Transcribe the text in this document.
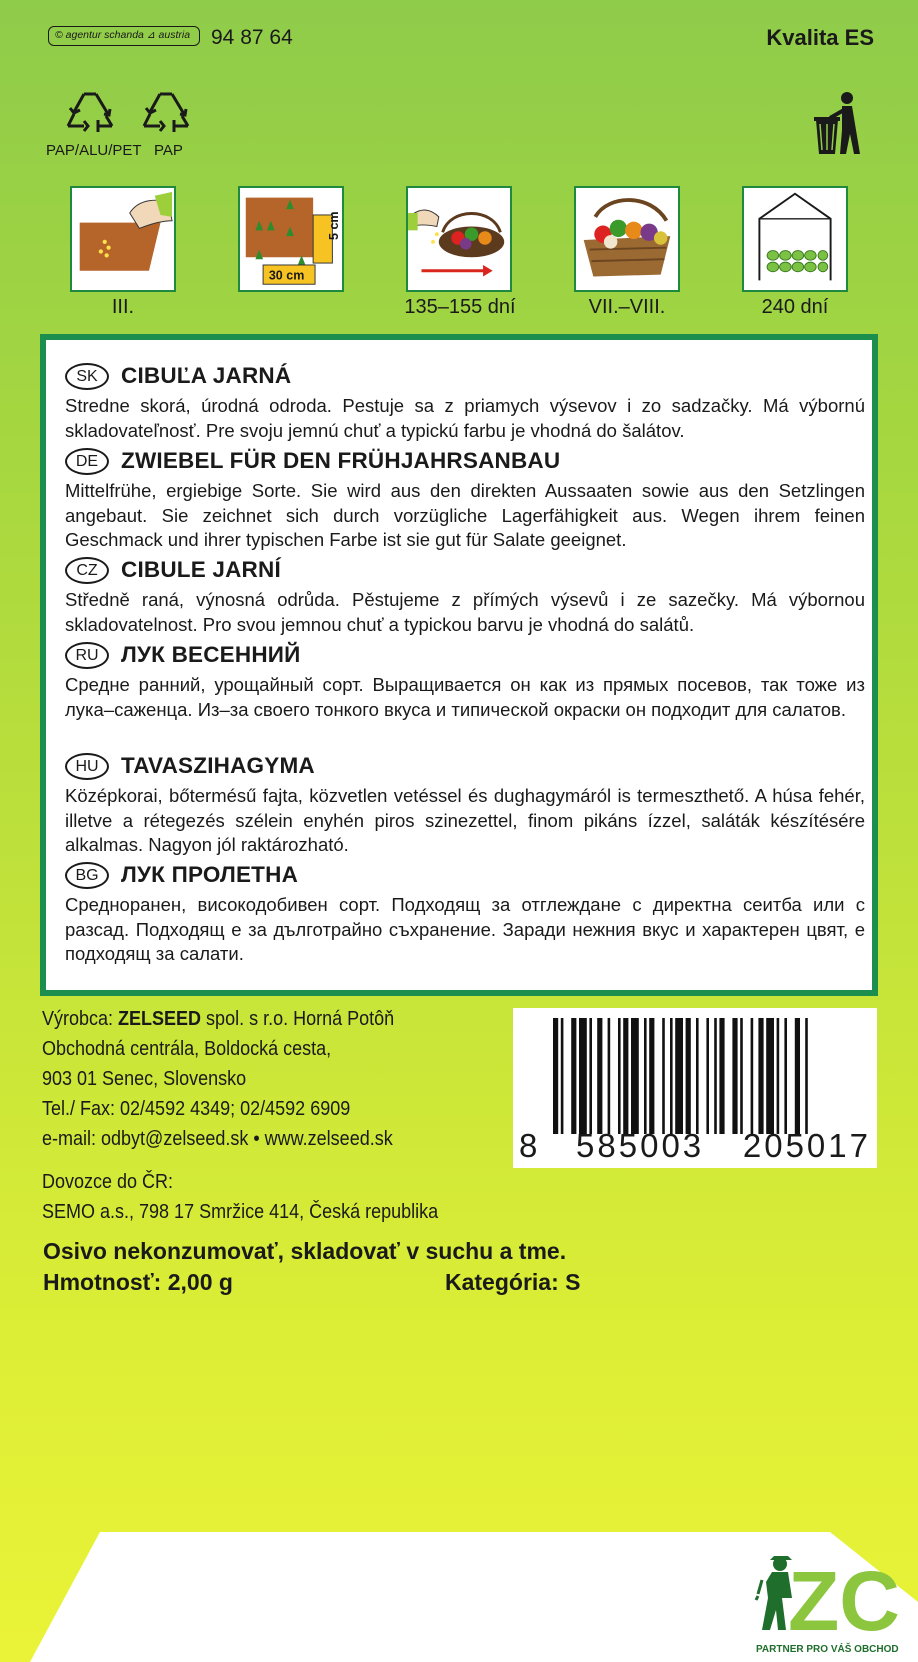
© agentur schanda ⊿ austria 94 87 64	Kvalita ES
PAP/ALU/PET PAP
III.
5 cm
30 cm
135–155 dní	VII.–VIII.	240 dní
SK	CIBUĽA JARNÁ
Stredne skorá, úrodná odroda. Pestuje sa z priamych výsevov i zo sadzačky. Má výbornú skladovateľnosť. Pre svoju jemnú chuť a typickú farbu je vhodná do šalátov.
DE	ZWIEBEL FÜR DEN FRÜHJAHRSANBAU
Mittelfrühe, ergiebige Sorte. Sie wird aus den direkten Aussaaten sowie aus den Setzlingen angebaut. Sie zeichnet sich durch vorzügliche Lagerfähigkeit aus. Wegen ihrem feinen Geschmack und ihrer typischen Farbe ist sie gut für Salate geeignet.
CZ	CIBULE JARNÍ
Středně raná, výnosná odrůda. Pěstujeme z přímých výsevů i ze sazečky. Má výbornou skladovatelnost. Pro svou jemnou chuť a typickou barvu je vhodná do salátů.
RU ЛУК ВЕСЕННИЙ
Средне ранний, урощайный сорт. Выращивается он как из прямых посевов, так тоже из лука–саженца. Из–за своего тонкого вкуса и типической окраски он подходит для салатов.
HU TAVASZIHAGYMA
Középkorai, bőtermésű fajta, közvetlen vetéssel és dughagymáról is termeszthető. A húsa fehér, illetve a rétegezés szélein enyhén piros szinezettel, finom pikáns ízzel, saláták készítésére alkalmas. Nagyon jól raktározható.
BG ЛУК ПРОЛЕТНА
Средноранен, високодобивен сорт. Подходящ за отглеждане с директна сеитба или с разсад. Подходящ е за дълготрайно съхранение. Заради нежния вкус и характерен цвят, е подходящ за салати.
Výrobca: ZELSEED spol. s r.o. Horná Potôň
Obchodná centrála, Boldocká cesta,
903 01 Senec, Slovensko
Tel./ Fax: 02/4592 4349; 02/4592 6909
e-mail: odbyt@zelseed.sk • www.zelseed.sk
Dovozce do ČR:
SEMO a.s., 798 17 Smržice 414, Česká republika
8 585003 205017
Osivo nekonzumovať, skladovať v suchu a tme.
Hmotnosť: 2,00 g	Kategória: S
ZC
PARTNER PRO VÁŠ OBCHOD
